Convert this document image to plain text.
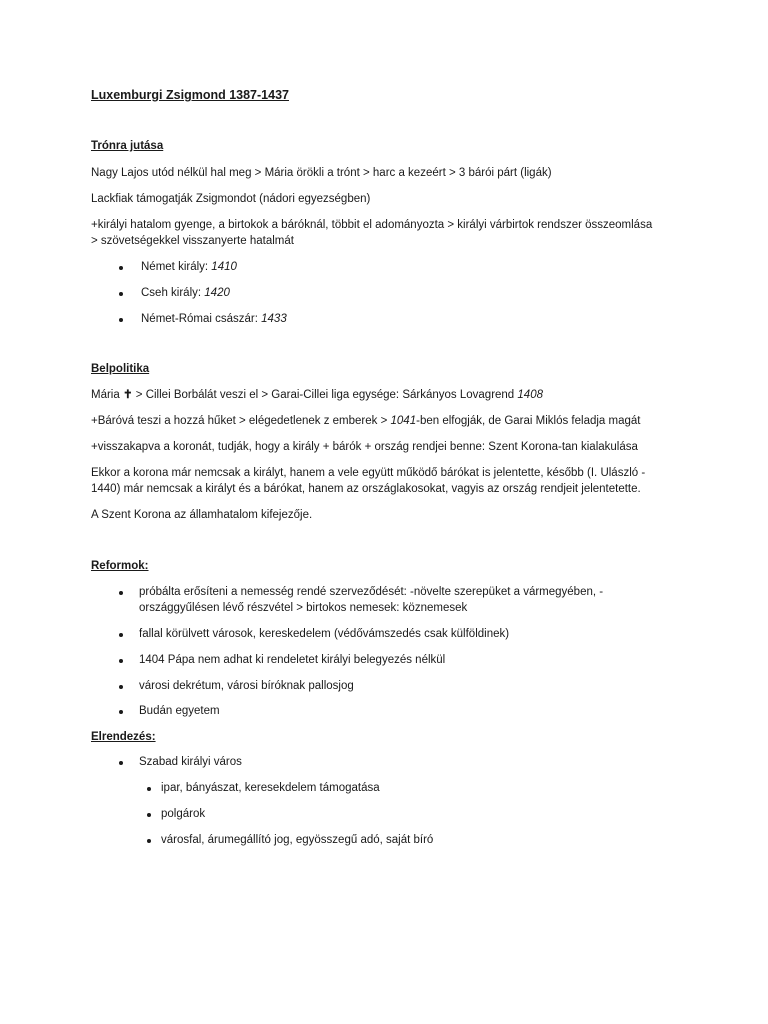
Luxemburgi Zsigmond 1387-1437
Trónra jutása
Nagy Lajos utód nélkül hal meg > Mária örökli a trónt > harc a kezeért > 3 bárói párt (ligák)
Lackfiak támogatják Zsigmondot (nádori egyezségben)
+királyi hatalom gyenge, a birtokok a báróknál, többit el adományozta > királyi várbirtok rendszer összeomlása
> szövetségekkel visszanyerte hatalmát
Német király: 1410
Cseh király: 1420
Német-Római császár: 1433
Belpolitika
Mária ✝ > Cillei Borbálát veszi el > Garai-Cillei liga egysége: Sárkányos Lovagrend 1408
+Báróvá teszi a hozzá hűket > elégedetlenek z emberek > 1041-ben elfogják, de Garai Miklós feladja magát
+visszakapva a koronát, tudják, hogy a király + bárók + ország rendjei benne: Szent Korona-tan kialakulása
Ekkor a korona már nemcsak a királyt, hanem a vele együtt működő bárókat is jelentette, később (I. Ulászló -
1440) már nemcsak a királyt és a bárókat, hanem az országlakosokat, vagyis az ország rendjeit jelentetette.
A Szent Korona az államhatalom kifejezője.
Reformok:
próbálta erősíteni a nemesség rendé szerveződését: -növelte szerepüket a vármegyében, -
országgyűlésen lévő részvétel > birtokos nemesek: köznemesek
fallal körülvett városok, kereskedelem (védővámszedés csak külföldinek)
1404 Pápa nem adhat ki rendeletet királyi belegyezés nélkül
városi dekrétum, városi bíróknak pallosjog
Budán egyetem
Elrendezés:
Szabad királyi város
ipar, bányászat, keresekdelem támogatása
polgárok
városfal, árumegállító jog, egyösszegű adó, saját bíró
